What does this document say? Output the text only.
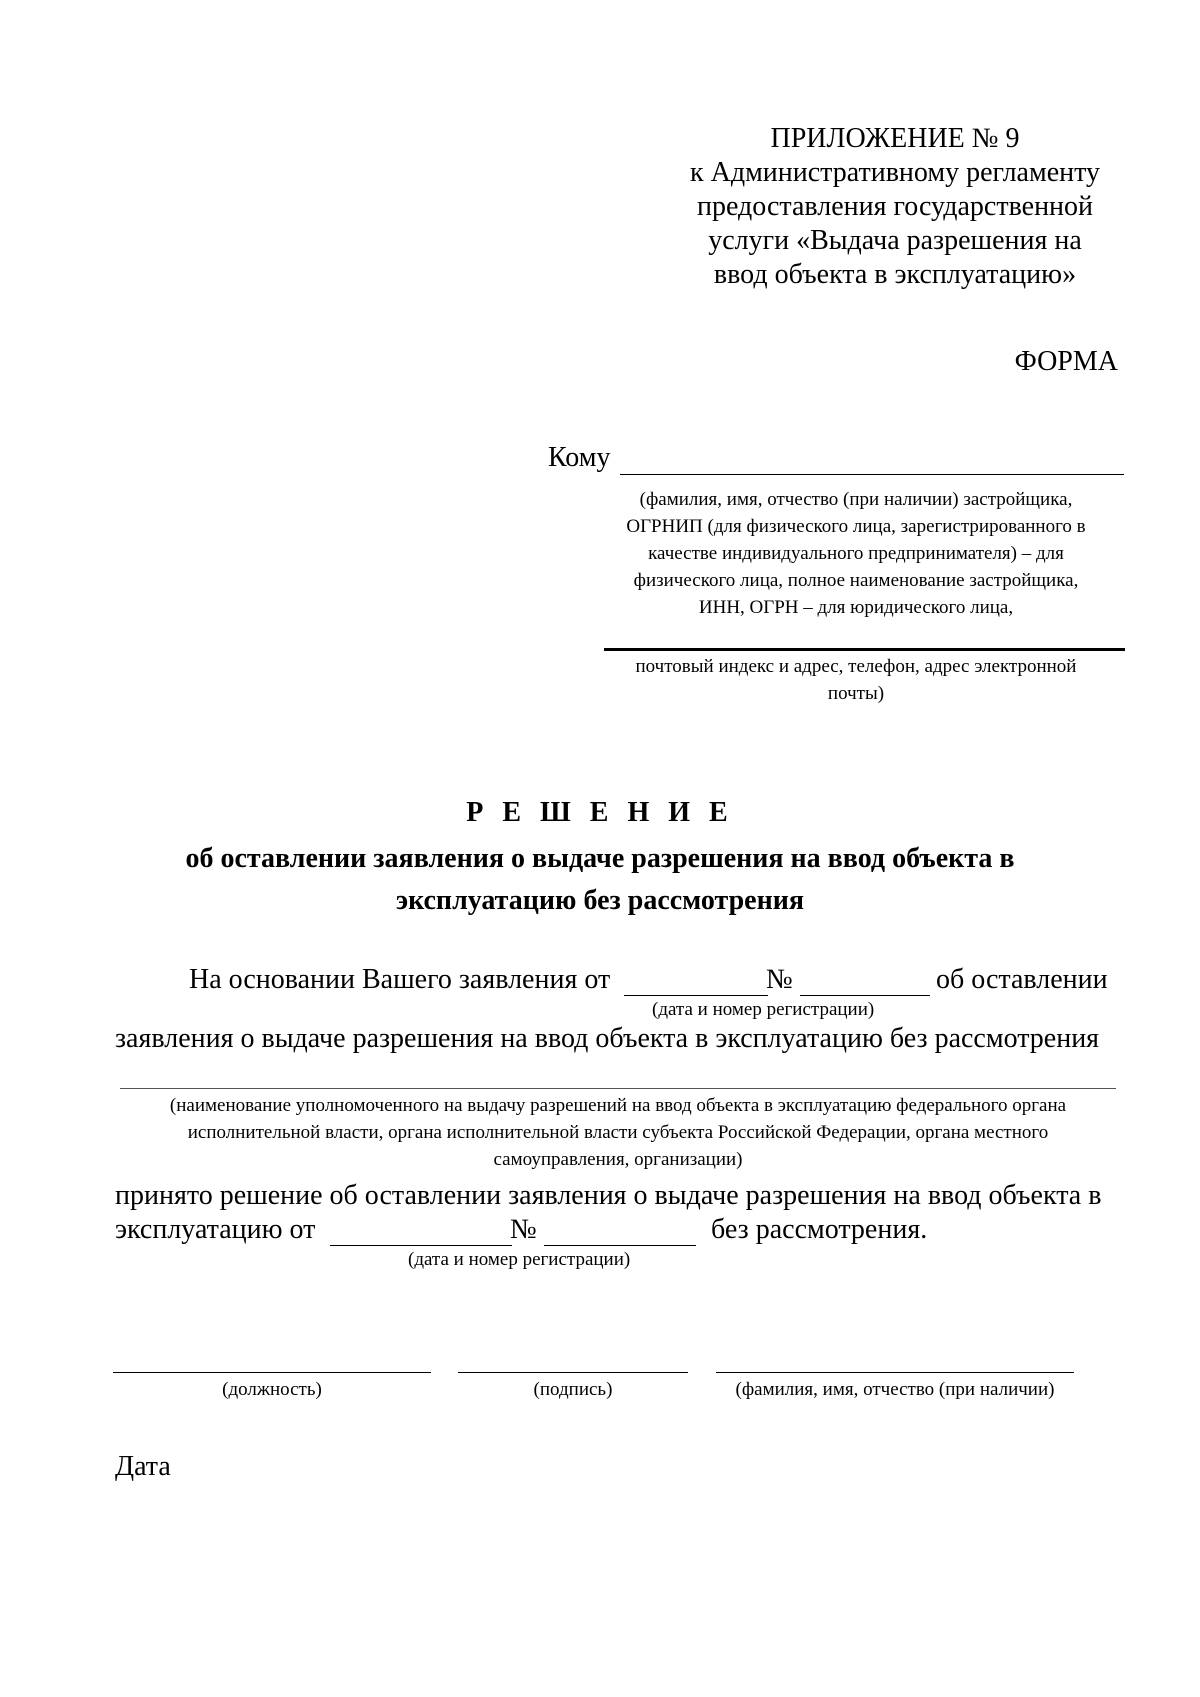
ПРИЛОЖЕНИЕ № 9
к Административному регламенту
предоставления государственной
услуги «Выдача разрешения на
ввод объекта в эксплуатацию»
ФОРМА
Кому
(фамилия, имя, отчество (при наличии) застройщика,
ОГРНИП (для физического лица, зарегистрированного в
качестве индивидуального предпринимателя) – для
физического лица, полное наименование застройщика,
ИНН, ОГРН – для юридического лица,
почтовый индекс и адрес, телефон, адрес электронной
почты)
Р Е Ш Е Н И Е
об оставлении заявления о выдаче разрешения на ввод объекта в
эксплуатацию без рассмотрения
На основании Вашего заявления от	№	об оставлении
(дата и номер регистрации)
заявления о выдаче разрешения на ввод объекта в эксплуатацию без рассмотрения
(наименование уполномоченного на выдачу разрешений на ввод объекта в эксплуатацию федерального органа
исполнительной власти, органа исполнительной власти субъекта Российской Федерации, органа местного
самоуправления, организации)
принято решение об оставлении заявления о выдаче разрешения на ввод объекта в
эксплуатацию от	№	без рассмотрения.
(дата и номер регистрации)
(должность)	(подпись)	(фамилия, имя, отчество (при наличии)
Дата
